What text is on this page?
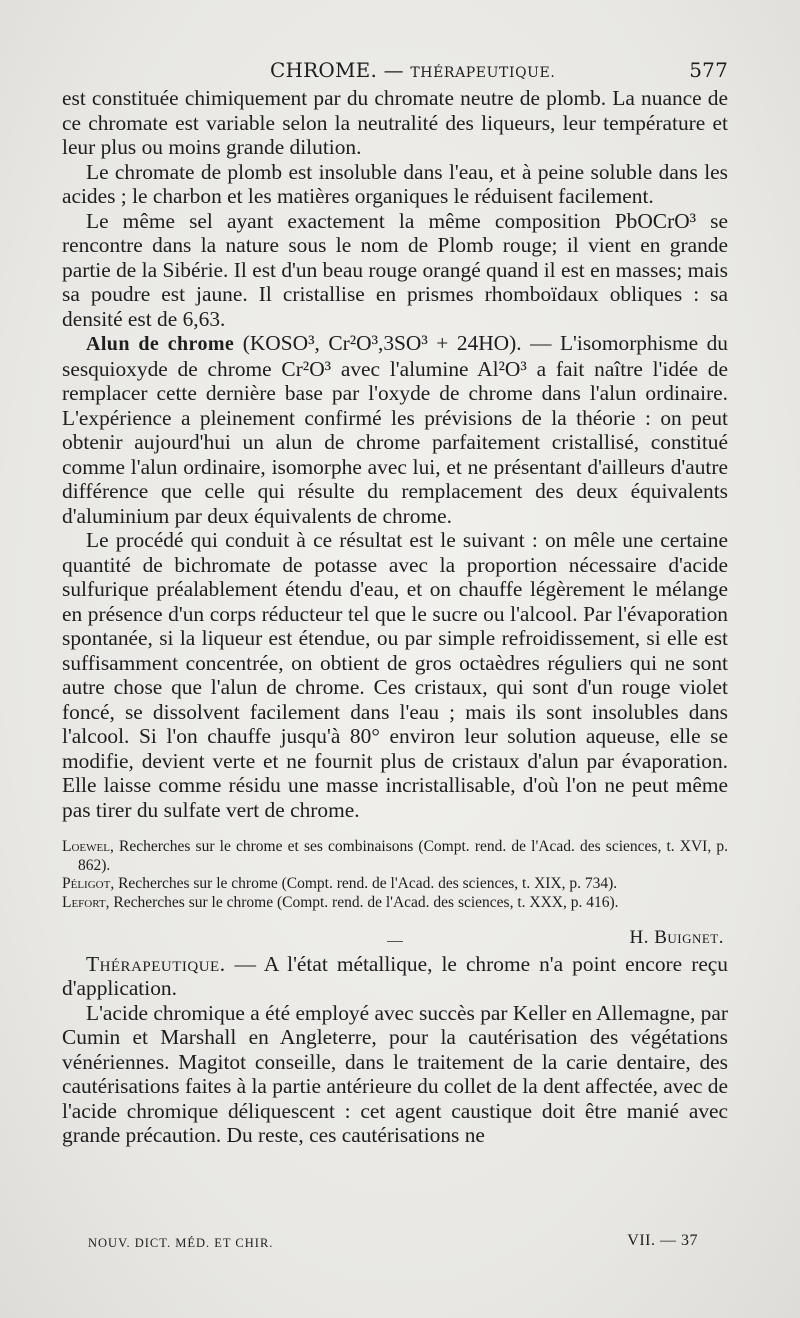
CHROME. — THÉRAPEUTIQUE.	577

est constituée chimiquement par du chromate neutre de plomb. La nuance de ce chromate est variable selon la neutralité des liqueurs, leur température et leur plus ou moins grande dilution.

Le chromate de plomb est insoluble dans l'eau, et à peine soluble dans les acides ; le charbon et les matières organiques le réduisent facilement.

Le même sel ayant exactement la même composition PbOCrO³ se rencontre dans la nature sous le nom de Plomb rouge; il vient en grande partie de la Sibérie. Il est d'un beau rouge orangé quand il est en masses; mais sa poudre est jaune. Il cristallise en prismes rhomboïdaux obliques : sa densité est de 6,63.

Alun de chrome (KOSO³, Cr²O³,3SO³ + 24HO). — L'isomorphisme du sesquioxyde de chrome Cr²O³ avec l'alumine Al²O³ a fait naître l'idée de remplacer cette dernière base par l'oxyde de chrome dans l'alun ordinaire. L'expérience a pleinement confirmé les prévisions de la théorie : on peut obtenir aujourd'hui un alun de chrome parfaitement cristallisé, constitué comme l'alun ordinaire, isomorphe avec lui, et ne présentant d'ailleurs d'autre différence que celle qui résulte du remplacement des deux équivalents d'aluminium par deux équivalents de chrome.

Le procédé qui conduit à ce résultat est le suivant : on mêle une certaine quantité de bichromate de potasse avec la proportion nécessaire d'acide sulfurique préalablement étendu d'eau, et on chauffe légèrement le mélange en présence d'un corps réducteur tel que le sucre ou l'alcool. Par l'évaporation spontanée, si la liqueur est étendue, ou par simple refroidissement, si elle est suffisamment concentrée, on obtient de gros octaèdres réguliers qui ne sont autre chose que l'alun de chrome. Ces cristaux, qui sont d'un rouge violet foncé, se dissolvent facilement dans l'eau ; mais ils sont insolubles dans l'alcool. Si l'on chauffe jusqu'à 80° environ leur solution aqueuse, elle se modifie, devient verte et ne fournit plus de cristaux d'alun par évaporation. Elle laisse comme résidu une masse incristallisable, d'où l'on ne peut même pas tirer du sulfate vert de chrome.

Loewel, Recherches sur le chrome et ses combinaisons (Compt. rend. de l'Acad. des sciences, t. XVI, p. 862).

Péligot, Recherches sur le chrome (Compt. rend. de l'Acad. des sciences, t. XIX, p. 734).

Lefort, Recherches sur le chrome (Compt. rend. de l'Acad. des sciences, t. XXX, p. 416).

H. Buignet.

Thérapeutique. — A l'état métallique, le chrome n'a point encore reçu d'application.

L'acide chromique a été employé avec succès par Keller en Allemagne, par Cumin et Marshall en Angleterre, pour la cautérisation des végétations vénériennes. Magitot conseille, dans le traitement de la carie dentaire, des cautérisations faites à la partie antérieure du collet de la dent affectée, avec de l'acide chromique déliquescent : cet agent caustique doit être manié avec grande précaution. Du reste, ces cautérisations ne

NOUV. DICT. MÉD. ET CHIR.	VII. — 37
